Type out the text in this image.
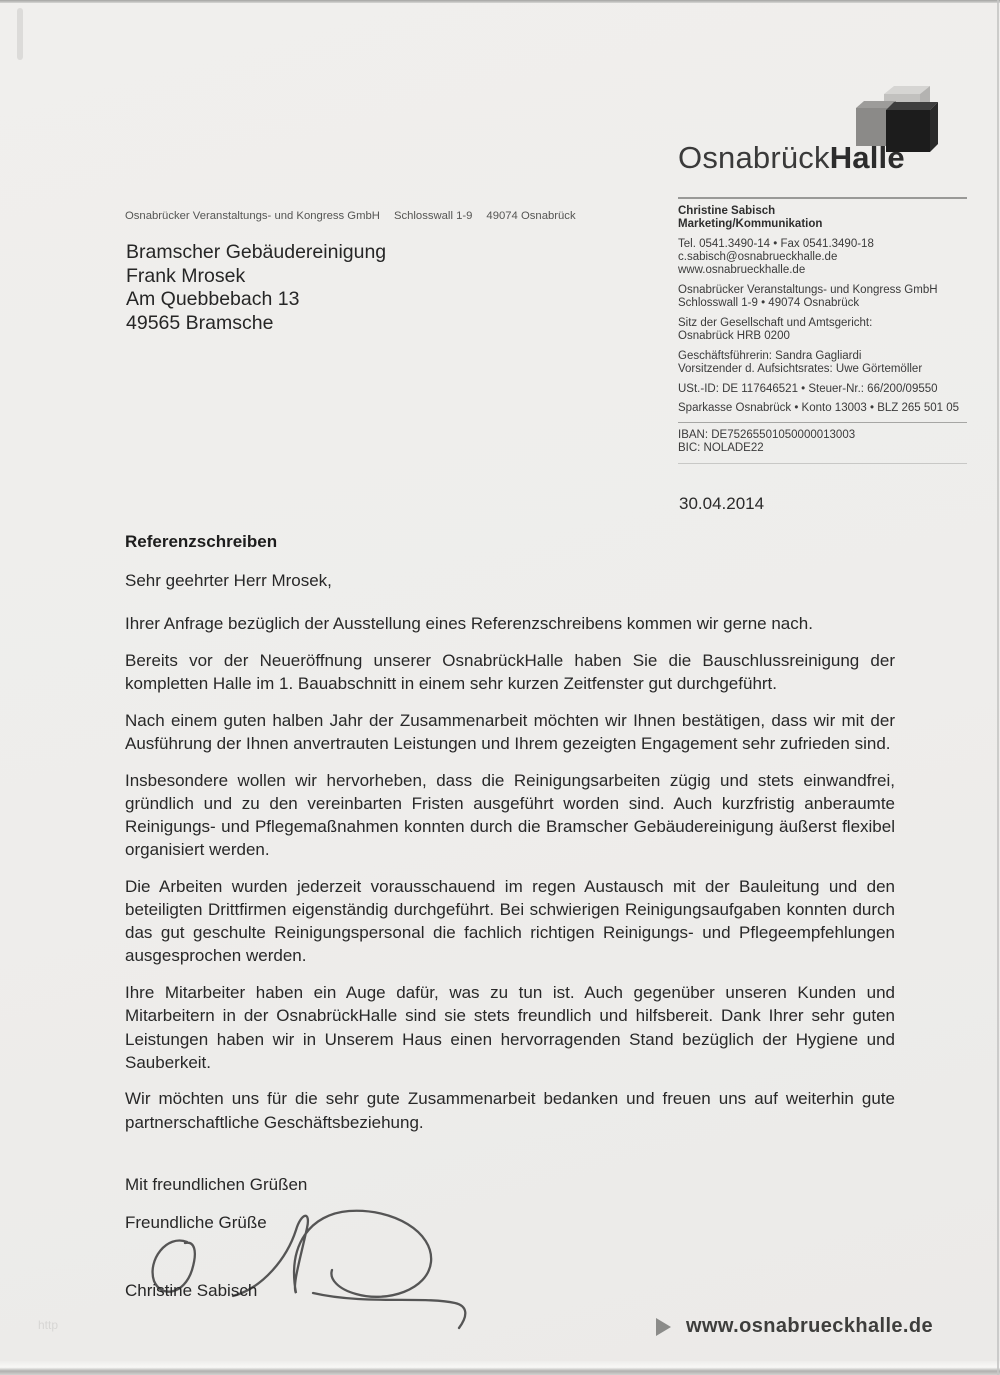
http
OsnabrückHalle
Osnabrücker Veranstaltungs- und Kongress GmbH Schlosswall 1-9 49074 Osnabrück
Bramscher Gebäudereinigung
Frank Mrosek
Am Quebbebach 13
49565 Bramsche
Christine Sabisch
Marketing/Kommunikation
Tel. 0541.3490-14 • Fax 0541.3490-18
c.sabisch@osnabrueckhalle.de
www.osnabrueckhalle.de
Osnabrücker Veranstaltungs- und Kongress GmbH
Schlosswall 1-9 • 49074 Osnabrück
Sitz der Gesellschaft und Amtsgericht:
Osnabrück HRB 0200
Geschäftsführerin: Sandra Gagliardi
Vorsitzender d. Aufsichtsrates: Uwe Görtemöller
USt.-ID: DE 117646521 • Steuer-Nr.: 66/200/09550
Sparkasse Osnabrück • Konto 13003 • BLZ 265 501 05
IBAN: DE75265501050000013003
BIC: NOLADE22
30.04.2014
Referenzschreiben
Sehr geehrter Herr Mrosek,

Ihrer Anfrage bezüglich der Ausstellung eines Referenzschreibens kommen wir gerne nach.

Bereits vor der Neueröffnung unserer OsnabrückHalle haben Sie die Bauschlussreinigung der kompletten Halle im 1. Bauabschnitt in einem sehr kurzen Zeitfenster gut durchgeführt.

Nach einem guten halben Jahr der Zusammenarbeit möchten wir Ihnen bestätigen, dass wir mit der Ausführung der Ihnen anvertrauten Leistungen und Ihrem gezeigten Engagement sehr zufrieden sind.

Insbesondere wollen wir hervorheben, dass die Reinigungsarbeiten zügig und stets einwandfrei, gründlich und zu den vereinbarten Fristen ausgeführt worden sind. Auch kurzfristig anberaumte Reinigungs- und Pflegemaßnahmen konnten durch die Bramscher Gebäudereinigung äußerst flexibel organisiert werden.

Die Arbeiten wurden jederzeit vorausschauend im regen Austausch mit der Bauleitung und den beteiligten Drittfirmen eigenständig durchgeführt. Bei schwierigen Reinigungsaufgaben konnten durch das gut geschulte Reinigungspersonal die fachlich richtigen Reinigungs- und Pflegeempfehlungen ausgesprochen werden.

Ihre Mitarbeiter haben ein Auge dafür, was zu tun ist. Auch gegenüber unseren Kunden und Mitarbeitern in der OsnabrückHalle sind sie stets freundlich und hilfsbereit. Dank Ihrer sehr guten Leistungen haben wir in Unserem Haus einen hervorragenden Stand bezüglich der Hygiene und Sauberkeit.

Wir möchten uns für die sehr gute Zusammenarbeit bedanken und freuen uns auf weiterhin gute partnerschaftliche Geschäftsbeziehung.

Mit freundlichen Grüßen
Freundliche Grüße
Christine Sabisch
www.osnabrueckhalle.de
